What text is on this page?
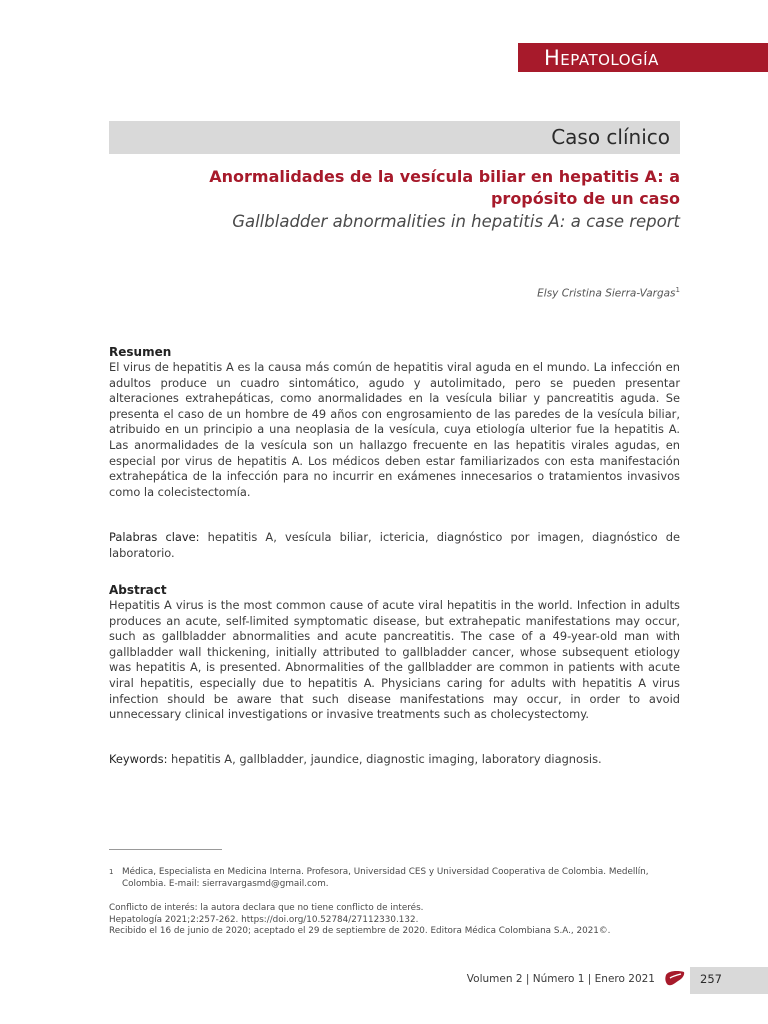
Hepatología
Caso clínico
Anormalidades de la vesícula biliar en hepatitis A: a propósito de un caso
Gallbladder abnormalities in hepatitis A: a case report
Elsy Cristina Sierra-Vargas$^1$
Resumen
El virus de hepatitis A es la causa más común de hepatitis viral aguda en el mundo. La infección en adultos produce un cuadro sintomático, agudo y autolimitado, pero se pueden presentar alteraciones extrahepáticas, como anormalidades en la vesícula biliar y pancreatitis aguda. Se presenta el caso de un hombre de 49 años con engrosamiento de las paredes de la vesícula biliar, atribuido en un principio a una neoplasia de la vesícula, cuya etiología ulterior fue la hepatitis A. Las anormalidades de la vesícula son un hallazgo frecuente en las hepatitis virales agudas, en especial por virus de hepatitis A. Los médicos deben estar familiarizados con esta manifestación extrahepática de la infección para no incurrir en exámenes innecesarios o tratamientos invasivos como la colecistectomía.
Palabras clave: hepatitis A, vesícula biliar, ictericia, diagnóstico por imagen, diagnóstico de laboratorio.
Abstract
Hepatitis A virus is the most common cause of acute viral hepatitis in the world. Infection in adults produces an acute, self-limited symptomatic disease, but extrahepatic manifestations may occur, such as gallbladder abnormalities and acute pancreatitis. The case of a 49-year-old man with gallbladder wall thickening, initially attributed to gallbladder cancer, whose subsequent etiology was hepatitis A, is presented. Abnormalities of the gallbladder are common in patients with acute viral hepatitis, especially due to hepatitis A. Physicians caring for adults with hepatitis A virus infection should be aware that such disease manifestations may occur, in order to avoid unnecessary clinical investigations or invasive treatments such as cholecystectomy.
Keywords: hepatitis A, gallbladder, jaundice, diagnostic imaging, laboratory diagnosis.
1 Médica, Especialista en Medicina Interna. Profesora, Universidad CES y Universidad Cooperativa de Colombia. Medellín, Colombia. E-mail: sierravargasmd@gmail.com.
Conflicto de interés: la autora declara que no tiene conflicto de interés.
Hepatología 2021;2:257-262. https://doi.org/10.52784/27112330.132.
Recibido el 16 de junio de 2020; aceptado el 29 de septiembre de 2020. Editora Médica Colombiana S.A., 2021©.
Volumen 2 | Número 1 | Enero 2021	257
